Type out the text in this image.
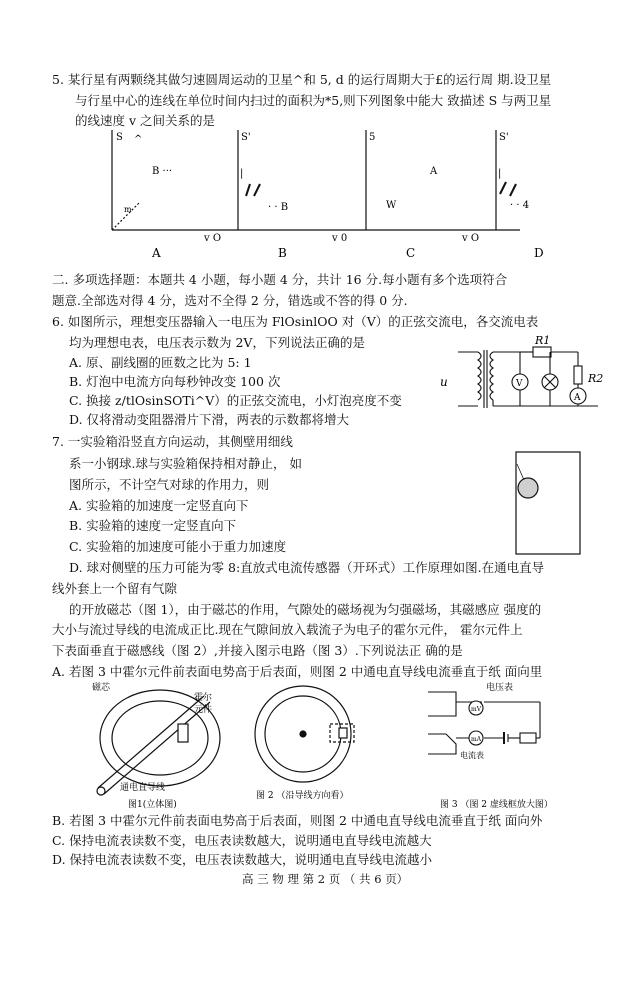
5. 某行星有两颗绕其做匀速圆周运动的卫星^和 5, d 的运行周期大于£的运行周 期.设卫星
与行星中心的连线在单位时间内扫过的面积为*5,则下列图象中能大 致描述 S 与两卫星
的线速度 v 之间关系的是
S ^
B ···
m
S'
|
· · B
5
A
W
S'
|
· · 4
v O	v 0	v O
A	B	C	D
二. 多项选择题：本题共 4 小题，每小题 4 分，共计 16 分.每小题有多个选项符合
题意.全部选对得 4 分，选对不全得 2 分，错选或不答的得 0 分.
6. 如图所示，理想变压器输入一电压为 FlOsinlOO 对（V）的正弦交流电，各交流电表
均为理想电表，电压表示数为 2V，下列说法正确的是
A. 原、副线圈的匝数之比为 5: 1
B. 灯泡中电流方向每秒钟改变 100 次
C. 换接 z/tlOsinSOTi^V）的正弦交流电，小灯泡亮度不变
D. 仅将滑动变阻器滑片下滑，两表的示数都将增大
u
R1
R2
V
A
7. 一实验箱沿竖直方向运动，其侧壁用细线
系一小钢球.球与实验箱保持相对静止， 如
图所示，不计空气对球的作用力，则
A. 实验箱的加速度一定竖直向下
B. 实验箱的速度一定竖直向下
C. 实验箱的加速度可能小于重力加速度
D. 球对侧壁的压力可能为零 8:直放式电流传感器（开环式）工作原理如图.在通电直导
线外套上一个留有气隙
的开放磁芯（图 1），由于磁芯的作用，气隙处的磁场视为匀强磁场，其磁感应 强度的
大小与流过导线的电流成正比.现在气隙间放入载流子为电子的霍尔元件， 霍尔元件上
下表面垂直于磁感线（图 2）,并接入图示电路（图 3）.下列说法正 确的是
A. 若图 3 中霍尔元件前表面电势高于后表面，则图 2 中通电直导线电流垂直于纸 面向里
磁芯
霍尔
元件
通电直导线
图1(立体图)
图 2 （沿导线方向看）
电压表
mV
mA
电流表
图 3 （图 2 虚线框放大图）
B. 若图 3 中霍尔元件前表面电势高于后表面，则图 2 中通电直导线电流垂直于纸 面向外
C. 保持电流表读数不变，电压表读数越大，说明通电直导线电流越大
D. 保持电流表读数不变，电压表读数越大，说明通电直导线电流越小
高 三 物 理 第 2 页 （ 共 6 页）
